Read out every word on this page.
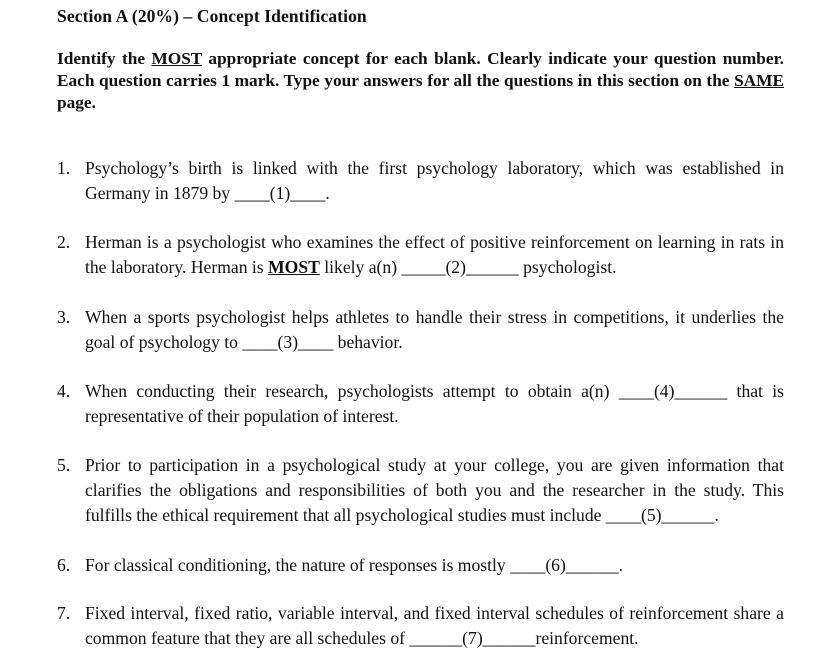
Section A (20%) – Concept Identification
Identify the MOST appropriate concept for each blank. Clearly indicate your question number. Each question carries 1 mark. Type your answers for all the questions in this section on the SAME page.
1. Psychology’s birth is linked with the first psychology laboratory, which was established in Germany in 1879 by ____(1)____.
2. Herman is a psychologist who examines the effect of positive reinforcement on learning in rats in the laboratory. Herman is MOST likely a(n) _____(2)______ psychologist.
3. When a sports psychologist helps athletes to handle their stress in competitions, it underlies the goal of psychology to ____(3)____ behavior.
4. When conducting their research, psychologists attempt to obtain a(n) ____(4)______ that is representative of their population of interest.
5. Prior to participation in a psychological study at your college, you are given information that clarifies the obligations and responsibilities of both you and the researcher in the study. This fulfills the ethical requirement that all psychological studies must include ____(5)______.
6. For classical conditioning, the nature of responses is mostly ____(6)______.
7. Fixed interval, fixed ratio, variable interval, and fixed interval schedules of reinforcement share a common feature that they are all schedules of ______(7)______reinforcement.
